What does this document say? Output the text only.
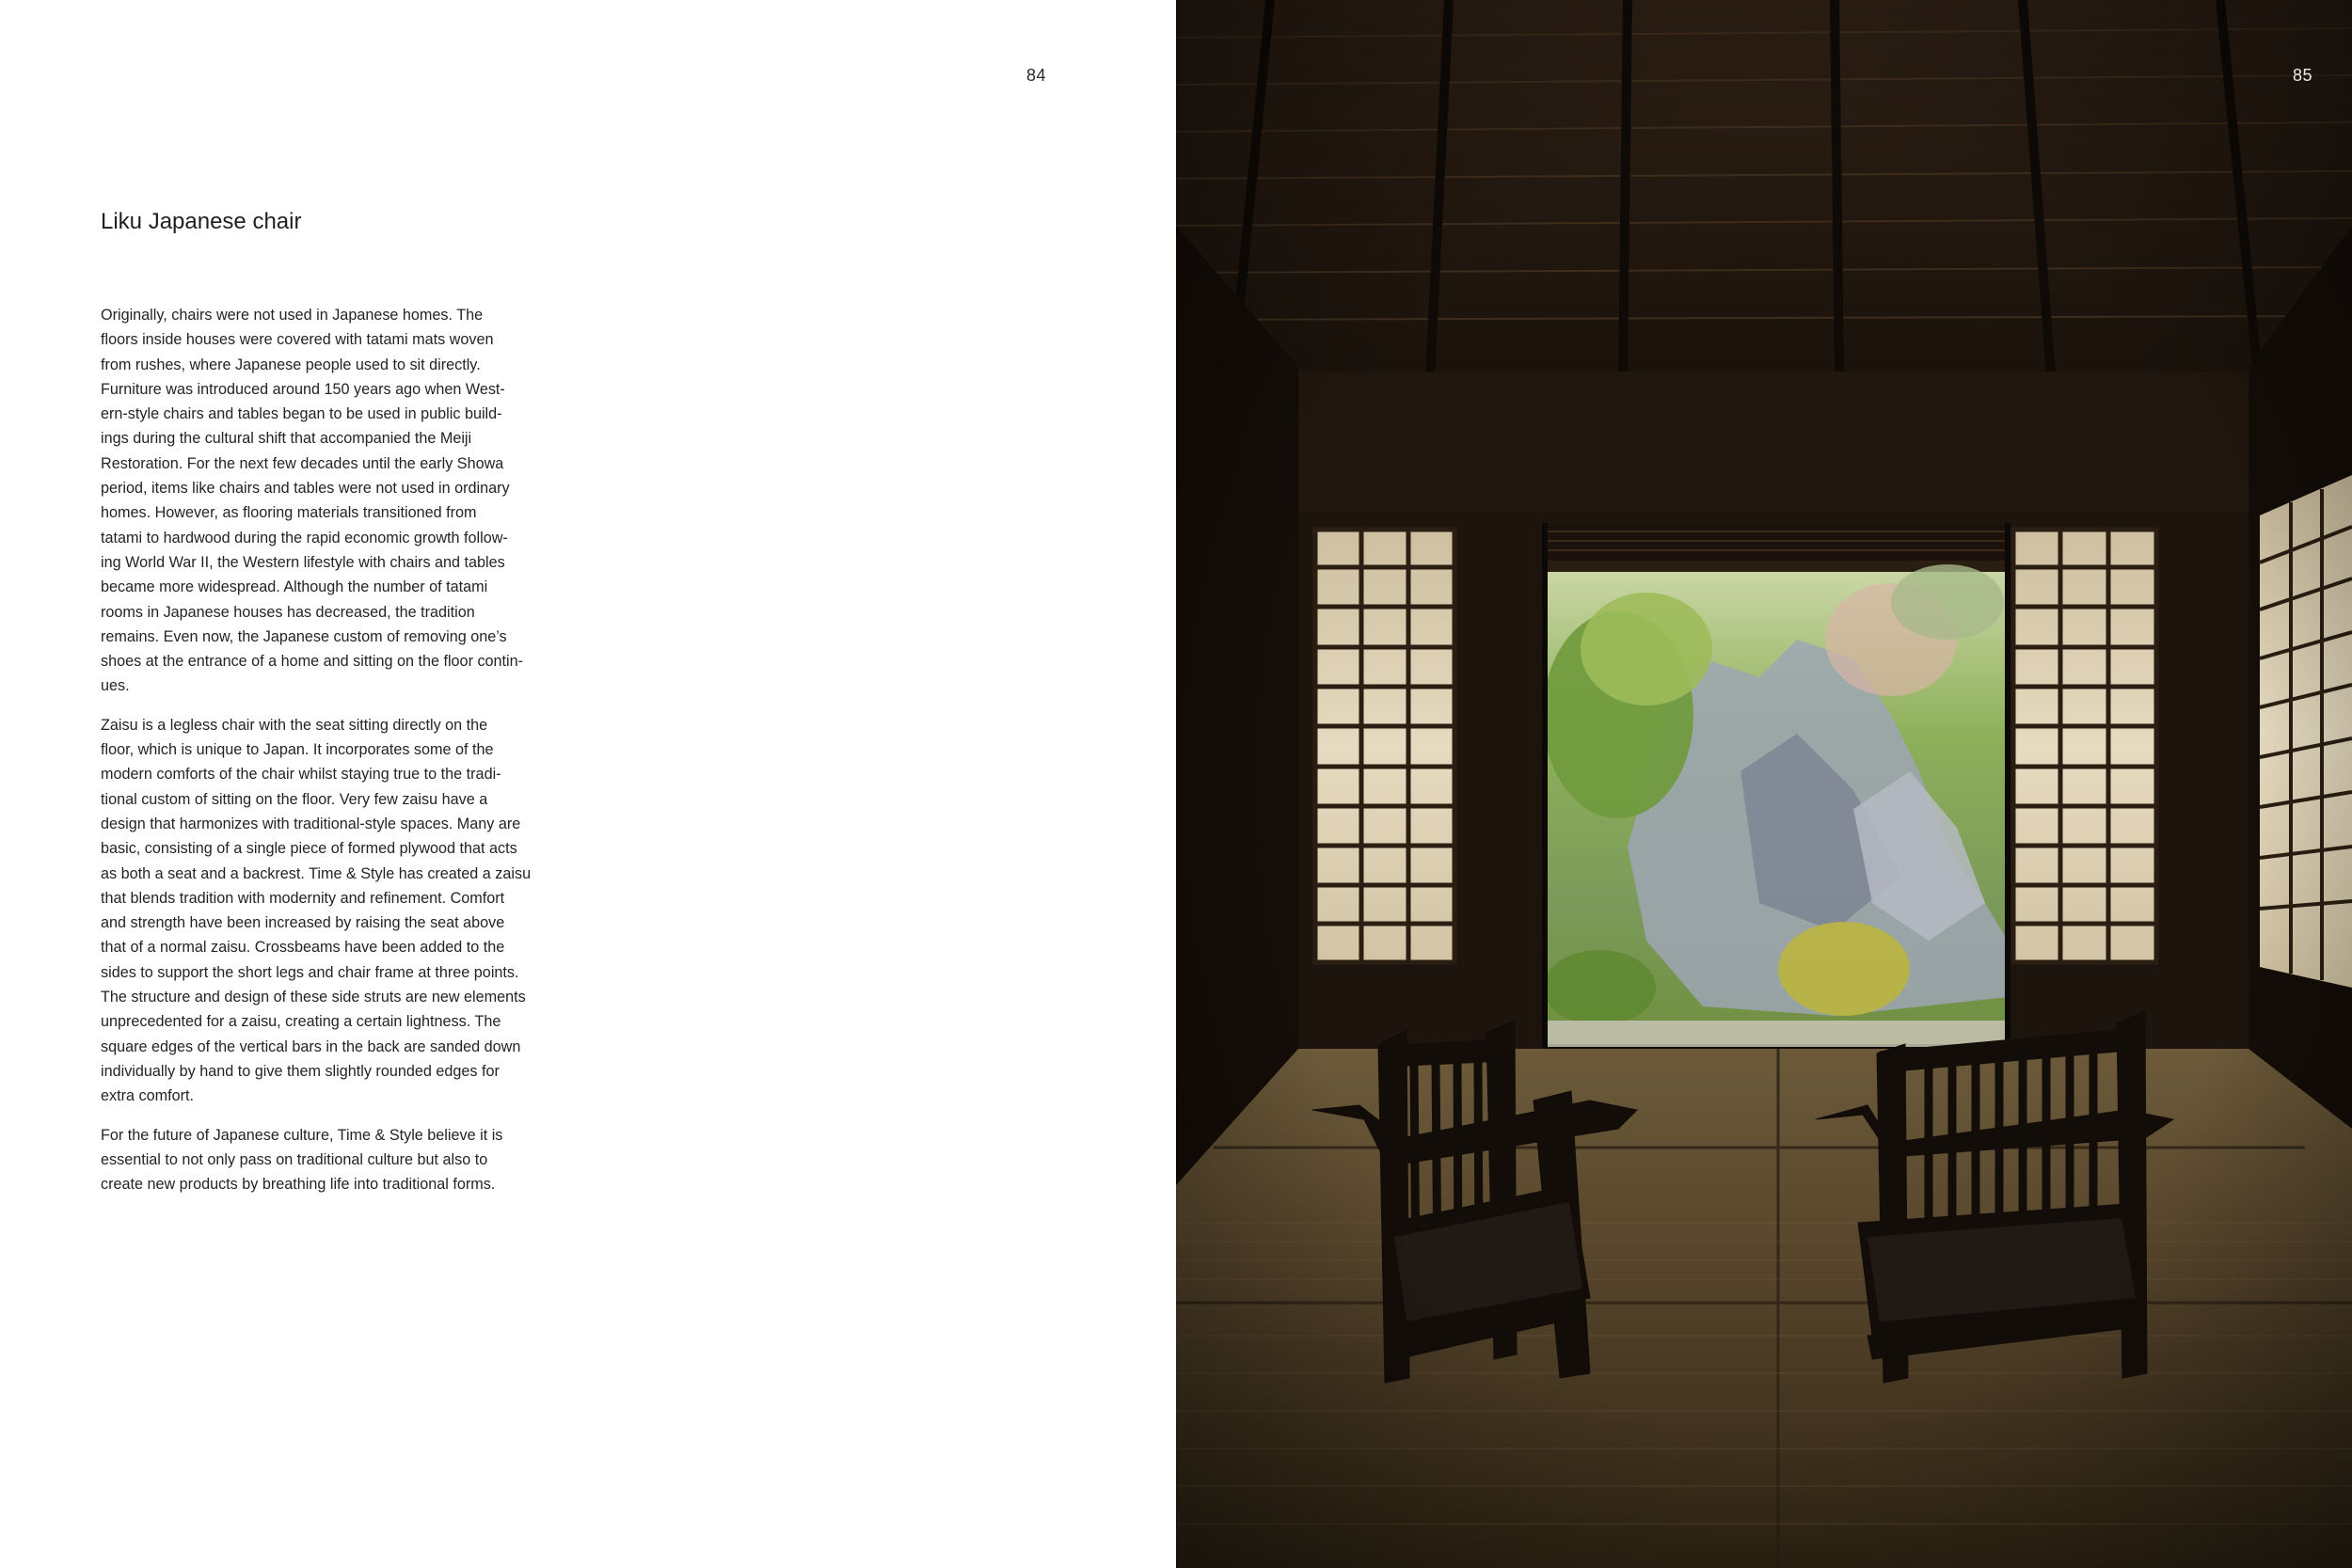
84
Liku Japanese chair

Originally, chairs were not used in Japanese homes. The
floors inside houses were covered with tatami mats woven
from rushes, where Japanese people used to sit directly.
Furniture was introduced around 150 years ago when West-
ern-style chairs and tables began to be used in public build-
ings during the cultural shift that accompanied the Meiji
Restoration. For the next few decades until the early Showa
period, items like chairs and tables were not used in ordinary
homes. However, as flooring materials transitioned from
tatami to hardwood during the rapid economic growth follow-
ing World War II, the Western lifestyle with chairs and tables
became more widespread. Although the number of tatami
rooms in Japanese houses has decreased, the tradition
remains. Even now, the Japanese custom of removing one’s
shoes at the entrance of a home and sitting on the floor contin-
ues.

Zaisu is a legless chair with the seat sitting directly on the
floor, which is unique to Japan. It incorporates some of the
modern comforts of the chair whilst staying true to the tradi-
tional custom of sitting on the floor. Very few zaisu have a
design that harmonizes with traditional-style spaces. Many are
basic, consisting of a single piece of formed plywood that acts
as both a seat and a backrest. Time & Style has created a zaisu
that blends tradition with modernity and refinement. Comfort
and strength have been increased by raising the seat above
that of a normal zaisu. Crossbeams have been added to the
sides to support the short legs and chair frame at three points.
The structure and design of these side struts are new elements
unprecedented for a zaisu, creating a certain lightness. The
square edges of the vertical bars in the back are sanded down
individually by hand to give them slightly rounded edges for
extra comfort.

For the future of Japanese culture, Time & Style believe it is
essential to not only pass on traditional culture but also to
create new products by breathing life into traditional forms.

85
